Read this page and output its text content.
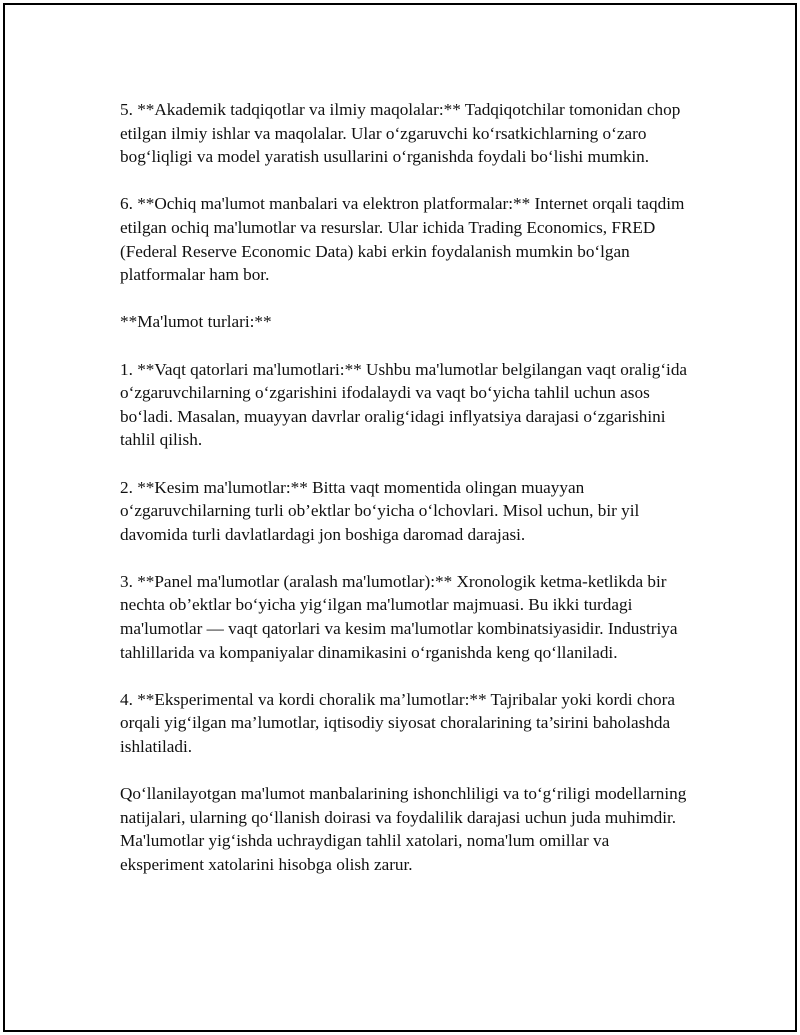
5. **Akademik tadqiqotlar va ilmiy maqolalar:** Tadqiqotchilar tomonidan chop etilgan ilmiy ishlar va maqolalar. Ular o‘zgaruvchi ko‘rsatkichlarning o‘zaro bog‘liqligi va model yaratish usullarini o‘rganishda foydali bo‘lishi mumkin.

6. **Ochiq ma'lumot manbalari va elektron platformalar:** Internet orqali taqdim etilgan ochiq ma'lumotlar va resurslar. Ular ichida Trading Economics, FRED (Federal Reserve Economic Data) kabi erkin foydalanish mumkin bo‘lgan platformalar ham bor.

**Ma'lumot turlari:**

1. **Vaqt qatorlari ma'lumotlari:** Ushbu ma'lumotlar belgilangan vaqt oralig‘ida o‘zgaruvchilarning o‘zgarishini ifodalaydi va vaqt bo‘yicha tahlil uchun asos bo‘ladi. Masalan, muayyan davrlar oralig‘idagi inflyatsiya darajasi o‘zgarishini tahlil qilish.

2. **Kesim ma'lumotlar:** Bitta vaqt momentida olingan muayyan o‘zgaruvchilarning turli ob’ektlar bo‘yicha o‘lchovlari. Misol uchun, bir yil davomida turli davlatlardagi jon boshiga daromad darajasi.

3. **Panel ma'lumotlar (aralash ma'lumotlar):** Xronologik ketma-ketlikda bir nechta ob’ektlar bo‘yicha yig‘ilgan ma'lumotlar majmuasi. Bu ikki turdagi ma'lumotlar — vaqt qatorlari va kesim ma'lumotlar kombinatsiyasidir. Industriya tahlillarida va kompaniyalar dinamikasini o‘rganishda keng qo‘llaniladi.

4. **Eksperimental va kordi choralik ma’lumotlar:** Tajribalar yoki kordi chora orqali yig‘ilgan ma’lumotlar, iqtisodiy siyosat choralarining ta’sirini baholashda ishlatiladi.

Qo‘llanilayotgan ma'lumot manbalarining ishonchliligi va to‘g‘riligi modellarning natijalari, ularning qo‘llanish doirasi va foydalilik darajasi uchun juda muhimdir. Ma'lumotlar yig‘ishda uchraydigan tahlil xatolari, noma'lum omillar va eksperiment xatolarini hisobga olish zarur.
